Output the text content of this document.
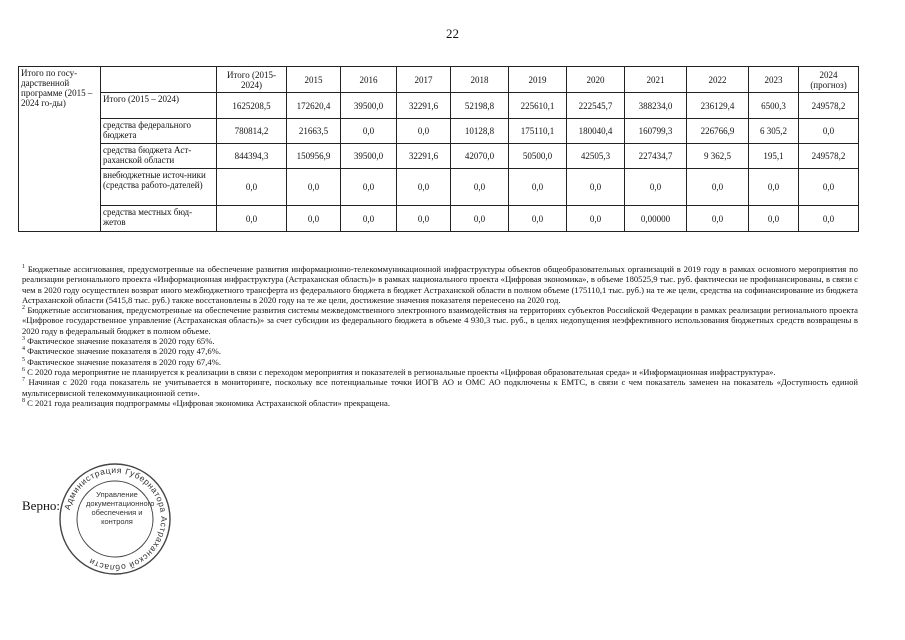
22
Итого по госу-дарственной программе (2015 – 2024 го-ды)		Итого (2015-2024)	2015	2016	2017	2018	2019	2020	2021	2022	2023	2024 (прогноз)
	Итого (2015 – 2024)	1625208,5	172620,4	39500,0	32291,6	52198,8	225610,1	222545,7	388234,0	236129,4	6500,3	249578,2
	средства федерального бюджета	780814,2	21663,5	0,0	0,0	10128,8	175110,1	180040,4	160799,3	226766,9	6 305,2	0,0
	средства бюджета Аст-раханской области	844394,3	150956,9	39500,0	32291,6	42070,0	50500,0	42505,3	227434,7	9 362,5	195,1	249578,2
	внебюджетные источ-ники (средства работо-дателей)	0,0	0,0	0,0	0,0	0,0	0,0	0,0	0,0	0,0	0,0	0,0
	средства местных бюд-жетов	0,0	0,0	0,0	0,0	0,0	0,0	0,0	0,00000	0,0	0,0	0,0

$^1$ Бюджетные ассигнования, предусмотренные на обеспечение развития информационно-телекоммуникационной инфраструктуры объектов общеобразовательных организаций в 2019 году в рамках основного мероприятия по реализации регионального проекта «Информационная инфраструктура (Астраханская область)» в рамках национального проекта «Цифровая экономика», в объеме 180525,9 тыс. руб. фактически не профинансированы, в связи с чем в 2020 году осуществлен возврат иного межбюджетного трансферта из федерального бюджета в бюджет Астраханской области в полном объеме (175110,1 тыс. руб.) на те же цели, средства на софинансирование из бюджета Астраханской области (5415,8 тыс. руб.) также восстановлены в 2020 году на те же цели, достижение значения показателя перенесено на 2020 год.

$^2$ Бюджетные ассигнования, предусмотренные на обеспечение развития системы межведомственного электронного взаимодействия на территориях субъектов Российской Федерации в рамках реализации регионального проекта «Цифровое государственное управление (Астраханская область)» за счет субсидии из федерального бюджета в объеме 4 930,3 тыс. руб., в целях недопущения неэффективного использования бюджетных средств возвращены в 2020 году в федеральный бюджет в полном объеме.

$^3$ Фактическое значение показателя в 2020 году 65%.

$^4$ Фактическое значение показателя в 2020 году 47,6%.

$^5$ Фактическое значение показателя в 2020 году 67,4%.

$^6$ С 2020 года мероприятие не планируется к реализации в связи с переходом мероприятия и показателей в региональные проекты «Цифровая образовательная среда» и «Информационная инфраструктура».

$^7$ Начиная с 2020 года показатель не учитывается в мониторинге, поскольку все потенциальные точки ИОГВ АО и ОМС АО подключены к ЕМТС, в связи с чем показатель заменен на показатель «Доступность единой мультисервисной телекоммуникационной сети».

$^8$ С 2021 года реализация подпрограммы «Цифровая экономика Астраханской области» прекращена.

Верно: Администрация Губернатора Астраханской области
Управление документационного обеспечения и контроля
